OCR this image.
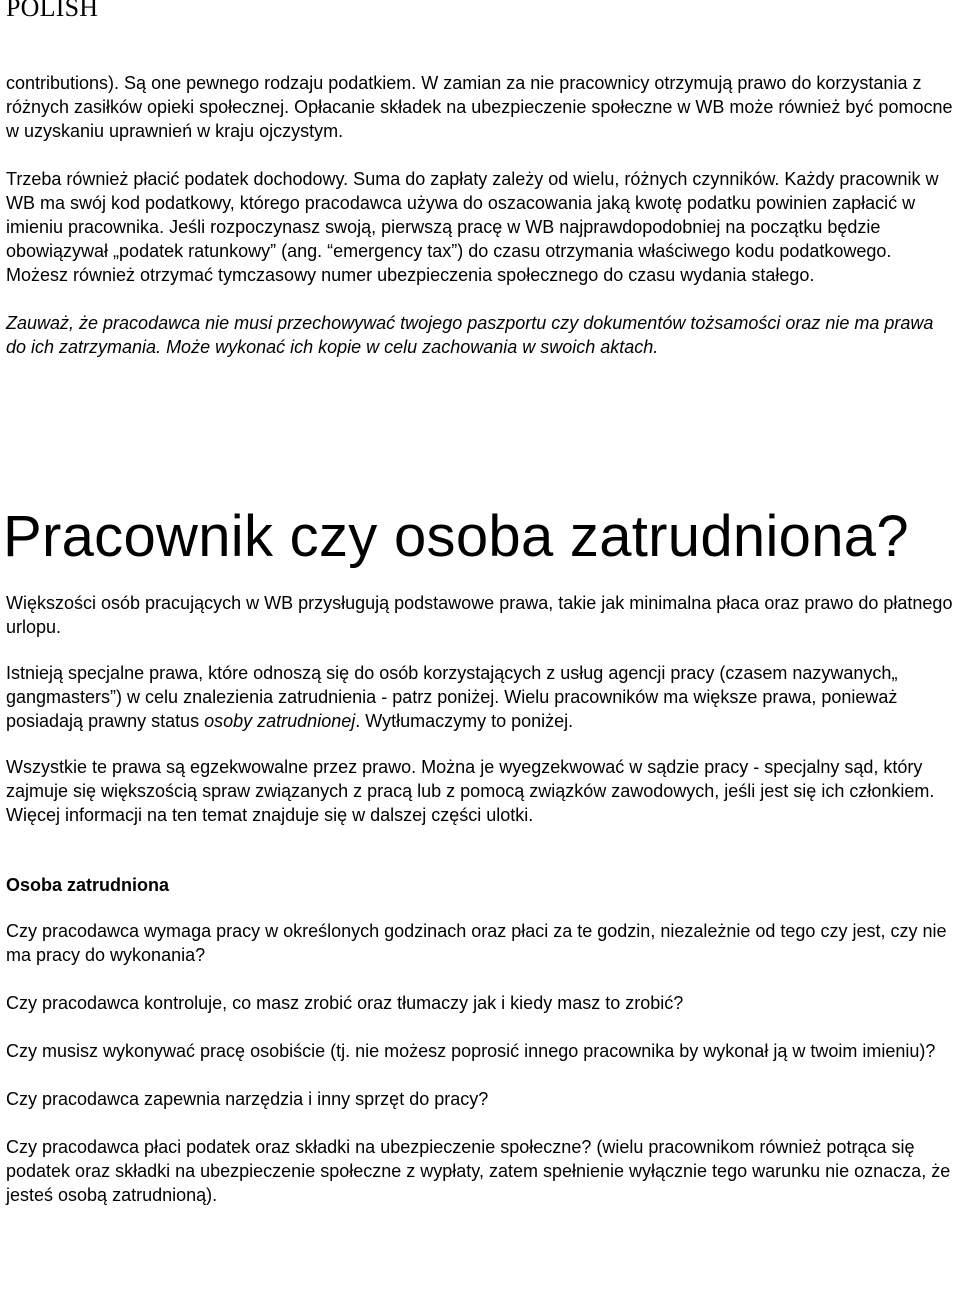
POLISH

contributions). Są one pewnego rodzaju podatkiem. W zamian za nie pracownicy otrzymują prawo do korzystania z różnych zasiłków opieki społecznej. Opłacanie składek na ubezpieczenie społeczne w WB może również być pomocne w uzyskaniu uprawnień w kraju ojczystym.

Trzeba również płacić podatek dochodowy. Suma do zapłaty zależy od wielu, różnych czynników. Każdy pracownik w WB ma swój kod podatkowy, którego pracodawca używa do oszacowania jaką kwotę podatku powinien zapłacić w imieniu pracownika. Jeśli rozpoczynasz swoją, pierwszą pracę w WB najprawdopodobniej na początku będzie obowiązywał „podatek ratunkowy” (ang. “emergency tax”) do czasu otrzymania właściwego kodu podatkowego. Możesz również otrzymać tymczasowy numer ubezpieczenia społecznego do czasu wydania stałego.

Zauważ, że pracodawca nie musi przechowywać twojego paszportu czy dokumentów tożsamości oraz nie ma prawa do ich zatrzymania. Może wykonać ich kopie w celu zachowania w swoich aktach.

Pracownik czy osoba zatrudniona?

Większości osób pracujących w WB przysługują podstawowe prawa, takie jak minimalna płaca oraz prawo do płatnego urlopu.

Istnieją specjalne prawa, które odnoszą się do osób korzystających z usług agencji pracy (czasem nazywanych„ gangmasters”) w celu znalezienia zatrudnienia - patrz poniżej. Wielu pracowników ma większe prawa, ponieważ posiadają prawny status osoby zatrudnionej. Wytłumaczymy to poniżej.

Wszystkie te prawa są egzekwowalne przez prawo. Można je wyegzekwować w sądzie pracy - specjalny sąd, który zajmuje się większością spraw związanych z pracą lub z pomocą związków zawodowych, jeśli jest się ich członkiem. Więcej informacji na ten temat znajduje się w dalszej części ulotki.

Osoba zatrudniona

Czy pracodawca wymaga pracy w określonych godzinach oraz płaci za te godzin, niezależnie od tego czy jest, czy nie ma pracy do wykonania?

Czy pracodawca kontroluje, co masz zrobić oraz tłumaczy jak i kiedy masz to zrobić?

Czy musisz wykonywać pracę osobiście (tj. nie możesz poprosić innego pracownika by wykonał ją w twoim imieniu)?

Czy pracodawca zapewnia narzędzia i inny sprzęt do pracy?

Czy pracodawca płaci podatek oraz składki na ubezpieczenie społeczne? (wielu pracownikom również potrąca się podatek oraz składki na ubezpieczenie społeczne z wypłaty, zatem spełnienie wyłącznie tego warunku nie oznacza, że jesteś osobą zatrudnioną).
